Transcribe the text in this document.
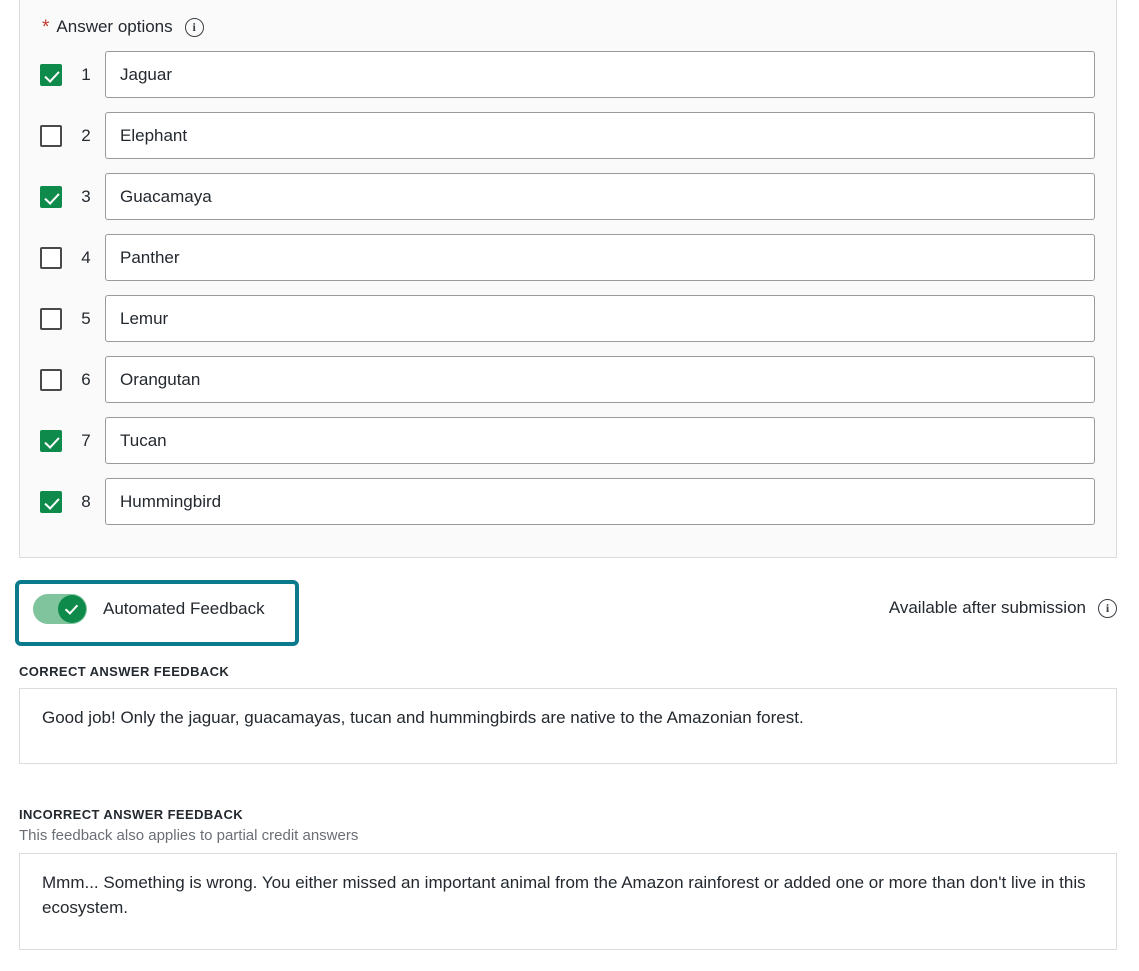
* Answer options	i
1	Jaguar
2	Elephant
3	Guacamaya
4	Panther
5	Lemur
6	Orangutan
7	Tucan
8	Hummingbird
Automated Feedback	Available after submission	i
CORRECT ANSWER FEEDBACK
Good job! Only the jaguar, guacamayas, tucan and hummingbirds are native to the Amazonian forest.
INCORRECT ANSWER FEEDBACK
This feedback also applies to partial credit answers
Mmm... Something is wrong. You either missed an important animal from the Amazon rainforest or added one or more than don't live in this ecosystem.
